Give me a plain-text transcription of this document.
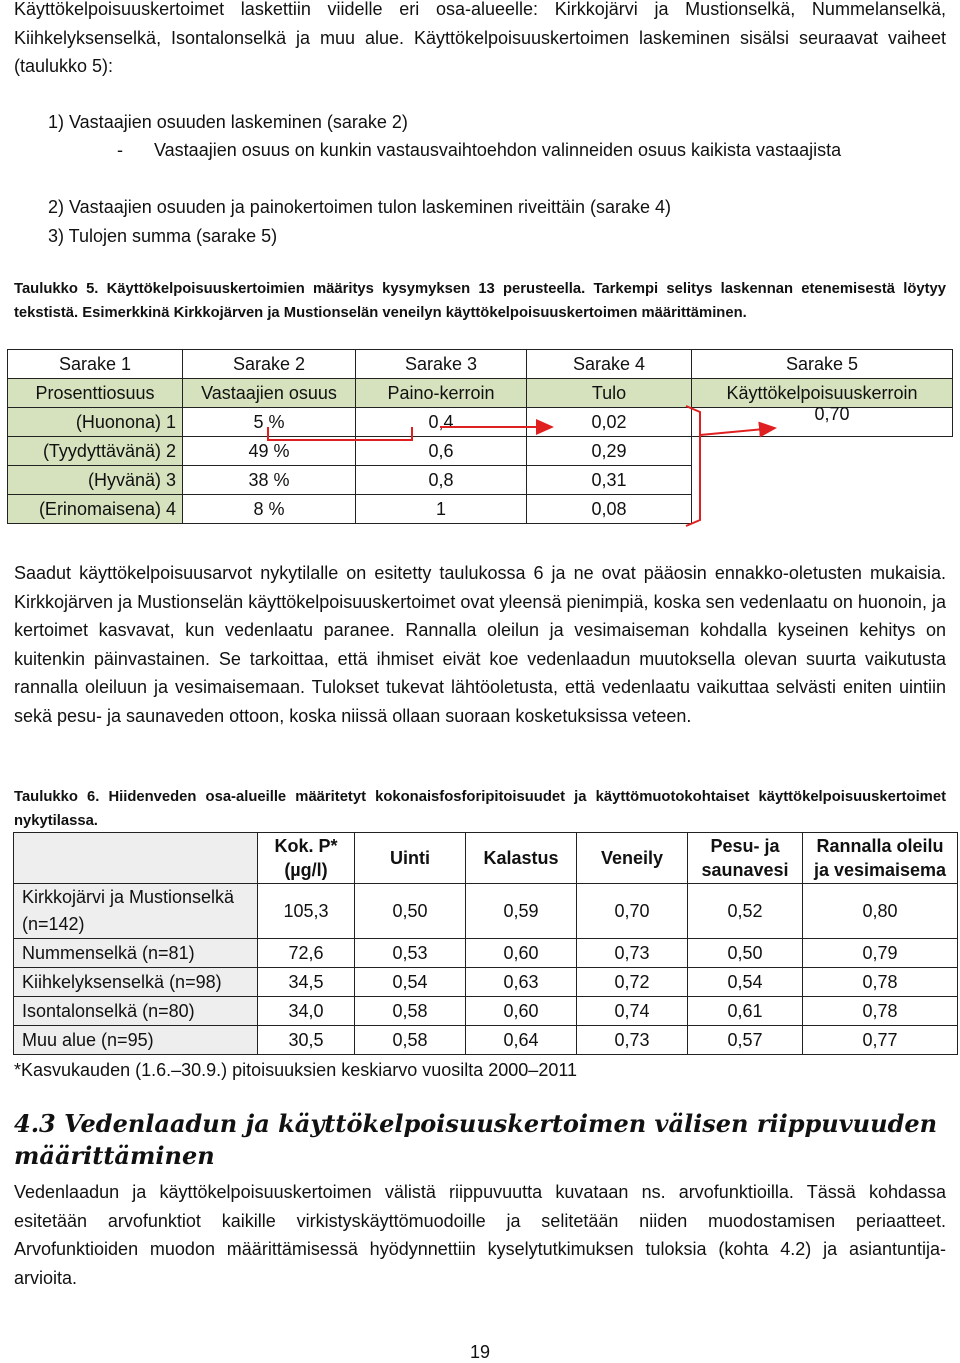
Käyttökelpoisuuskertoimet laskettiin viidelle eri osa-alueelle: Kirkkojärvi ja Mustionselkä, Nummelanselkä, Kiihkelyksenselkä, Isontalonselkä ja muu alue. Käyttökelpoisuuskertoimen laskeminen sisälsi seuraavat vaiheet (taulukko 5):
1) Vastaajien osuuden laskeminen (sarake 2)
- Vastaajien osuus on kunkin vastausvaihtoehdon valinneiden osuus kaikista vastaajista
2) Vastaajien osuuden ja painokertoimen tulon laskeminen riveittäin (sarake 4)
3) Tulojen summa (sarake 5)
Taulukko 5. Käyttökelpoisuuskertoimien määritys kysymyksen 13 perusteella. Tarkempi selitys laskennan etenemisestä löytyy tekstistä. Esimerkkinä Kirkkojärven ja Mustionselän veneilyn käyttökelpoisuuskertoimen määrittäminen.
Sarake 1	Sarake 2	Sarake 3	Sarake 4	Sarake 5
Prosenttiosuus	Vastaajien osuus	Paino-kerroin	Tulo	Käyttökelpoisuuskerroin
(Huonona) 1	5 %	0,4	0,02	0,70
(Tyydyttävänä) 2	49 %	0,6	0,29	
(Hyvänä) 3	38 %	0,8	0,31	
(Erinomaisena) 4	8 %	1	0,08	
Saadut käyttökelpoisuusarvot nykytilalle on esitetty taulukossa 6 ja ne ovat pääosin ennakko-oletusten mukaisia. Kirkkojärven ja Mustionselän käyttökelpoisuuskertoimet ovat yleensä pienimpiä, koska sen vedenlaatu on huonoin, ja kertoimet kasvavat, kun vedenlaatu paranee. Rannalla oleilun ja vesimaiseman kohdalla kyseinen kehitys on kuitenkin päinvastainen. Se tarkoittaa, että ihmiset eivät koe vedenlaadun muutoksella olevan suurta vaikutusta rannalla oleiluun ja vesimaisemaan. Tulokset tukevat lähtöoletusta, että vedenlaatu vaikuttaa selvästi eniten uintiin sekä pesu- ja saunaveden ottoon, koska niissä ollaan suoraan kosketuksissa veteen.
Taulukko 6. Hiidenveden osa-alueille määritetyt kokonaisfosforipitoisuudet ja käyttömuotokohtaiset käyttökelpoisuuskertoimet nykytilassa.
	Kok. P* (µg/l)	Uinti	Kalastus	Veneily	Pesu- ja saunavesi	Rannalla oleilu ja vesimaisema
Kirkkojärvi ja Mustionselkä (n=142)	105,3	0,50	0,59	0,70	0,52	0,80
Nummenselkä (n=81)	72,6	0,53	0,60	0,73	0,50	0,79
Kiihkelyksenselkä (n=98)	34,5	0,54	0,63	0,72	0,54	0,78
Isontalonselkä (n=80)	34,0	0,58	0,60	0,74	0,61	0,78
Muu alue (n=95)	30,5	0,58	0,64	0,73	0,57	0,77
*Kasvukauden (1.6.–30.9.) pitoisuuksien keskiarvo vuosilta 2000–2011
4.3 Vedenlaadun ja käyttökelpoisuuskertoimen välisen riippuvuuden määrittäminen
Vedenlaadun ja käyttökelpoisuuskertoimen välistä riippuvuutta kuvataan ns. arvofunktioilla. Tässä kohdassa esitetään arvofunktiot kaikille virkistyskäyttömuodoille ja selitetään niiden muodostamisen periaatteet. Arvofunktioiden muodon määrittämisessä hyödynnettiin kyselytutkimuksen tuloksia (kohta 4.2) ja asiantuntija-arvioita.
19
